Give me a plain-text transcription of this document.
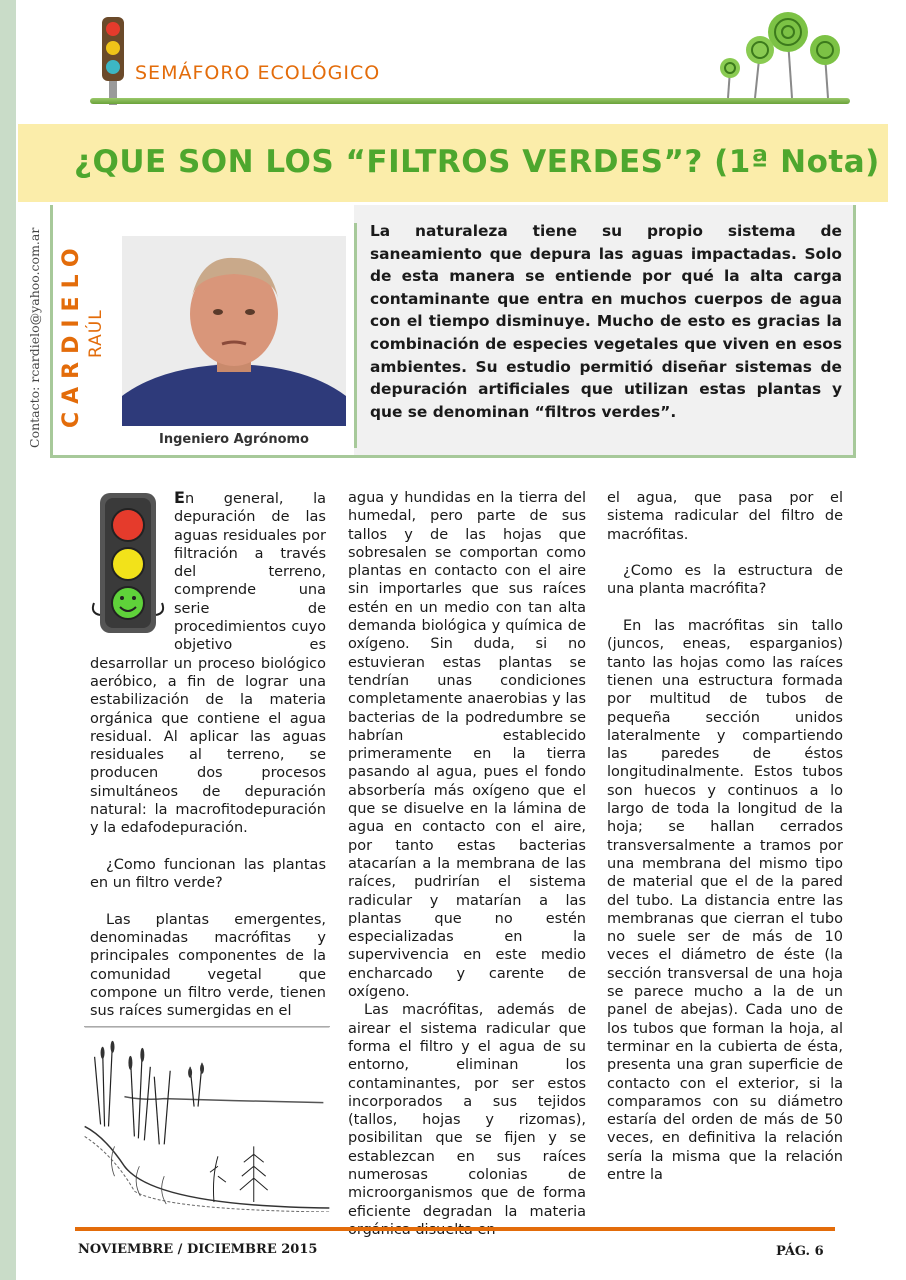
SEMÁFORO ECOLÓGICO
¿QUE SON LOS “FILTROS VERDES”? (1ª Nota)
Contacto: rcardielo@yahoo.com.ar CARDIELO RAÚL
Ingeniero Agrónomo
La naturaleza tiene su propio sistema de saneamiento que depura las aguas impactadas. Solo de esta manera se entiende por qué la alta carga contaminante que entra en muchos cuerpos de agua con el tiempo disminuye. Mucho de esto es gracias la combinación de especies vegetales que viven en esos ambientes. Su estudio permitió diseñar sistemas de depuración artificiales que utilizan estas plantas y que se denominan “filtros verdes”.

En general, la depuración de las aguas residuales por filtración a través del terreno, comprende una serie de procedimientos cuyo objetivo es desarrollar un proceso biológico aeróbico, a fin de lograr una estabilización de la materia orgánica que contiene el agua residual. Al aplicar las aguas residuales al terreno, se producen dos procesos simultáneos de depuración natural: la macrofitodepuración y la edafodepuración.

¿Como funcionan las plantas en un filtro verde?

Las plantas emergentes, denominadas macrófitas y principales componentes de la comunidad vegetal que compone un filtro verde, tienen sus raíces sumergidas en el

agua y hundidas en la tierra del humedal, pero parte de sus tallos y de las hojas que sobresalen se comportan como plantas en contacto con el aire sin importarles que sus raíces estén en un medio con tan alta demanda biológica y química de oxígeno. Sin duda, si no estuvieran estas plantas se tendrían unas condiciones completamente anaerobias y las bacterias de la podredumbre se habrían establecido primeramente en la tierra pasando al agua, pues el fondo absorbería más oxígeno que el que se disuelve en la lámina de agua en contacto con el aire, por tanto estas bacterias atacarían a la membrana de las raíces, pudrirían el sistema radicular y matarían a las plantas que no estén especializadas en la supervivencia en este medio encharcado y carente de oxígeno.

Las macrófitas, además de airear el sistema radicular que forma el filtro y el agua de su entorno, eliminan los contaminantes, por ser estos incorporados a sus tejidos (tallos, hojas y rizomas), posibilitan que se fijen y se establezcan en sus raíces numerosas colonias de microorganismos que de forma eficiente degradan la materia

el agua, que pasa por el sistema radicular del filtro de macrófitas.

¿Como es la estructura de una planta macrófita?

En las macrófitas sin tallo (juncos, eneas, esparganios) tanto las hojas como las raíces tienen una estructura formada por multitud de tubos de pequeña sección unidos lateralmente y compartiendo las paredes de éstos longitudinalmente. Estos tubos son huecos y continuos a lo largo de toda la longitud de la hoja; se hallan cerrados transversalmente a tramos por una membrana del mismo tipo de material que el de la pared del tubo. La distancia entre las membranas que cierran el tubo no suele ser de más de 10 veces el diámetro de éste (la sección transversal de una hoja se parece mucho a la de un panel de abejas). Cada uno de los tubos que forman la hoja, al terminar en la cubierta de ésta, presenta una gran superficie de contacto con el exterior, si la comparamos con su diámetro estaría del orden de más de 50 veces, en definitiva la relación sería la misma que la relación entre la

NOVIEMBRE / DICIEMBRE 2015	PÁG. 6
